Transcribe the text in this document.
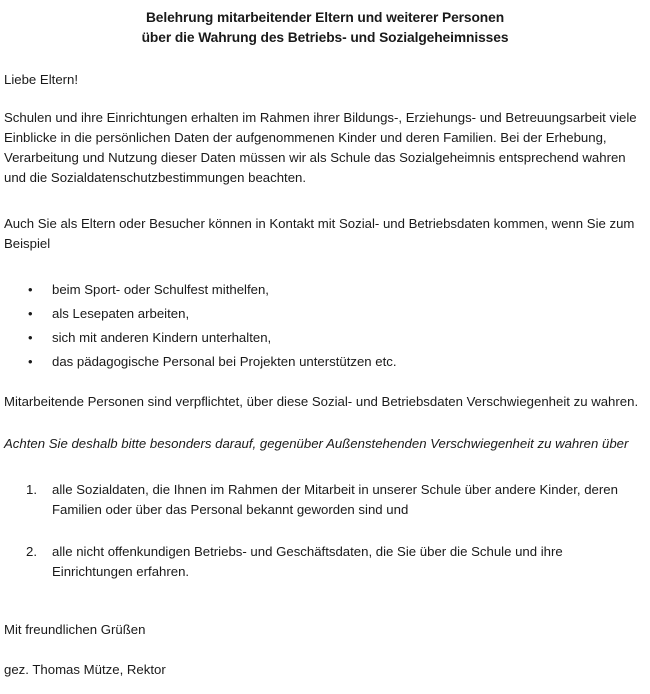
Belehrung mitarbeitender Eltern und weiterer Personen
über die Wahrung des Betriebs- und Sozialgeheimnisses

Liebe Eltern!

Schulen und ihre Einrichtungen erhalten im Rahmen ihrer Bildungs-, Erziehungs- und Betreuungsarbeit viele Einblicke in die persönlichen Daten der aufgenommenen Kinder und deren Familien. Bei der Erhebung, Verarbeitung und Nutzung dieser Daten müssen wir als Schule das Sozialgeheimnis entsprechend wahren und die Sozialdatenschutzbestimmungen beachten.

Auch Sie als Eltern oder Besucher können in Kontakt mit Sozial- und Betriebsdaten kommen, wenn Sie zum Beispiel

• beim Sport- oder Schulfest mithelfen,
• als Lesepaten arbeiten,
• sich mit anderen Kindern unterhalten,
• das pädagogische Personal bei Projekten unterstützen etc.

Mitarbeitende Personen sind verpflichtet, über diese Sozial- und Betriebsdaten Verschwiegenheit zu wahren.

Achten Sie deshalb bitte besonders darauf, gegenüber Außenstehenden Verschwiegenheit zu wahren über

1. alle Sozialdaten, die Ihnen im Rahmen der Mitarbeit in unserer Schule über andere Kinder, deren Familien oder über das Personal bekannt geworden sind und
2. alle nicht offenkundigen Betriebs- und Geschäftsdaten, die Sie über die Schule und ihre Einrichtungen erfahren.

Mit freundlichen Grüßen

gez. Thomas Mütze, Rektor
